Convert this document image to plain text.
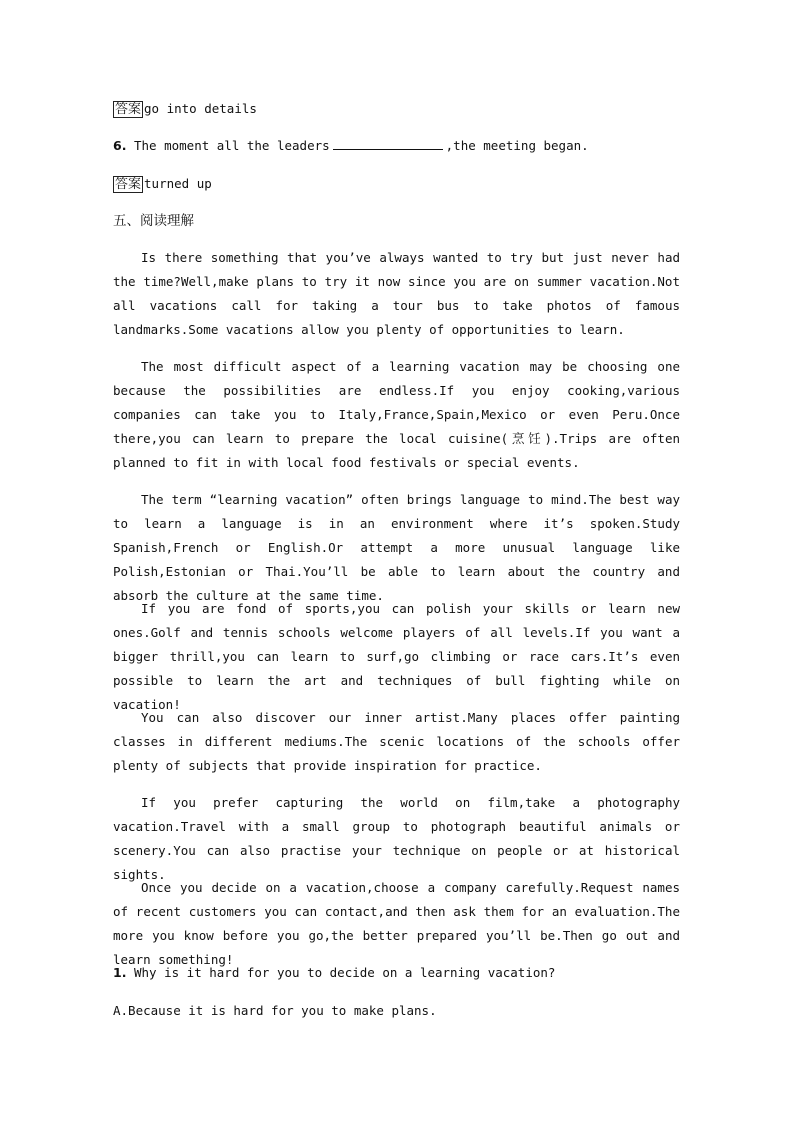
答案 go into details
6. The moment all the leaders	,the meeting began.
答案 turned up
五、阅读理解
Is there something that you’ve always wanted to try but just never had the time?Well,make plans to try it now since you are on summer vacation.Not all vacations call for taking a tour bus to take photos of famous landmarks.Some vacations allow you plenty of opportunities to learn.
The most difficult aspect of a learning vacation may be choosing one because the possibilities are endless.If you enjoy cooking,various companies can take you to Italy,France,Spain,Mexico or even Peru.Once there,you can learn to prepare the local cuisine(烹饪).Trips are often planned to fit in with local food festivals or special events.
The term “learning vacation” often brings language to mind.The best way to learn a language is in an environment where it’s spoken.Study Spanish,French or English.Or attempt a more unusual language like Polish,Estonian or Thai.You’ll be able to learn about the country and absorb the culture at the same time.
If you are fond of sports,you can polish your skills or learn new ones.Golf and tennis schools welcome players of all levels.If you want a bigger thrill,you can learn to surf,go climbing or race cars.It’s even possible to learn the art and techniques of bull fighting while on vacation!
You can also discover our inner artist.Many places offer painting classes in different mediums.The scenic locations of the schools offer plenty of subjects that provide inspiration for practice.
If you prefer capturing the world on film,take a photography vacation.Travel with a small group to photograph beautiful animals or scenery.You can also practise your technique on people or at historical sights.
Once you decide on a vacation,choose a company carefully.Request names of recent customers you can contact,and then ask them for an evaluation.The more you know before you go,the better prepared you’ll be.Then go out and learn something!
1. Why is it hard for you to decide on a learning vacation?
A.Because it is hard for you to make plans.
